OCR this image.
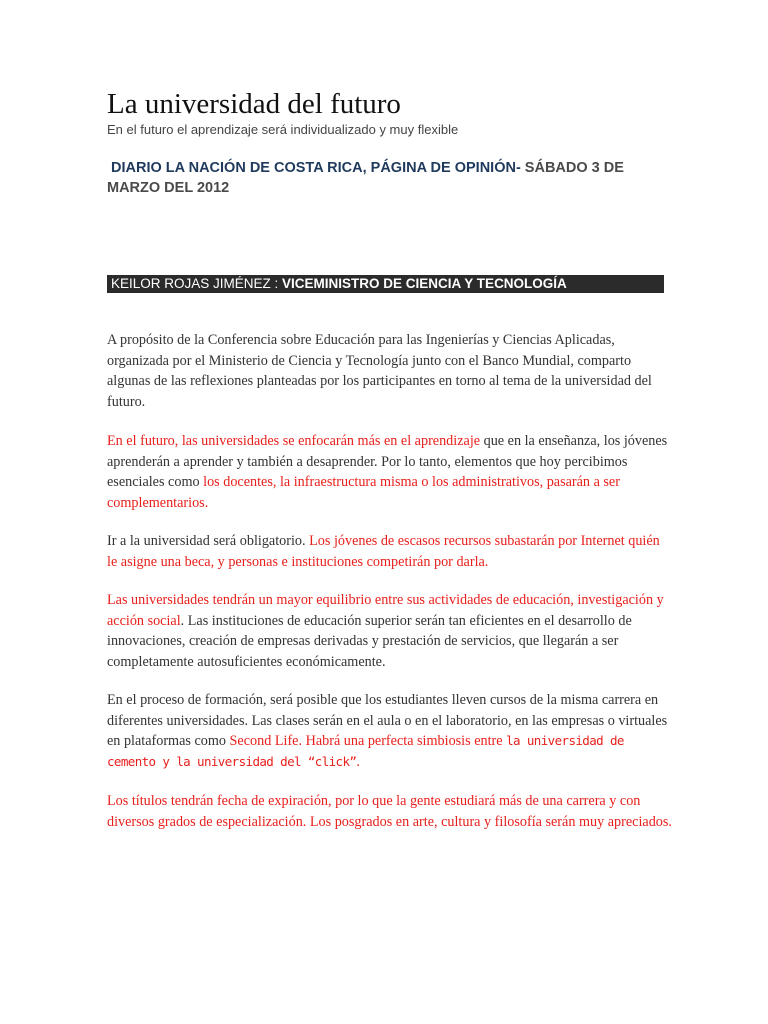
La universidad del futuro
En el futuro el aprendizaje será individualizado y muy flexible
DIARIO LA NACIÓN DE COSTA RICA, PÁGINA DE OPINIÓN- SÁBADO 3 DE MARZO DEL 2012
KEILOR ROJAS JIMÉNEZ : VICEMINISTRO DE CIENCIA Y TECNOLOGÍA

A propósito de la Conferencia sobre Educación para las Ingenierías y Ciencias Aplicadas, organizada por el Ministerio de Ciencia y Tecnología junto con el Banco Mundial, comparto algunas de las reflexiones planteadas por los participantes en torno al tema de la universidad del futuro.

En el futuro, las universidades se enfocarán más en el aprendizaje que en la enseñanza, los jóvenes aprenderán a aprender y también a desaprender. Por lo tanto, elementos que hoy percibimos esenciales como los docentes, la infraestructura misma o los administrativos, pasarán a ser complementarios.

Ir a la universidad será obligatorio. Los jóvenes de escasos recursos subastarán por Internet quién le asigne una beca, y personas e instituciones competirán por darla.

Las universidades tendrán un mayor equilibrio entre sus actividades de educación, investigación y acción social. Las instituciones de educación superior serán tan eficientes en el desarrollo de innovaciones, creación de empresas derivadas y prestación de servicios, que llegarán a ser completamente autosuficientes económicamente.

En el proceso de formación, será posible que los estudiantes lleven cursos de la misma carrera en diferentes universidades. Las clases serán en el aula o en el laboratorio, en las empresas o virtuales en plataformas como Second Life. Habrá una perfecta simbiosis entre la universidad de cemento y la universidad del “click”.

Los títulos tendrán fecha de expiración, por lo que la gente estudiará más de una carrera y con diversos grados de especialización. Los posgrados en arte, cultura y filosofía serán muy apreciados.
